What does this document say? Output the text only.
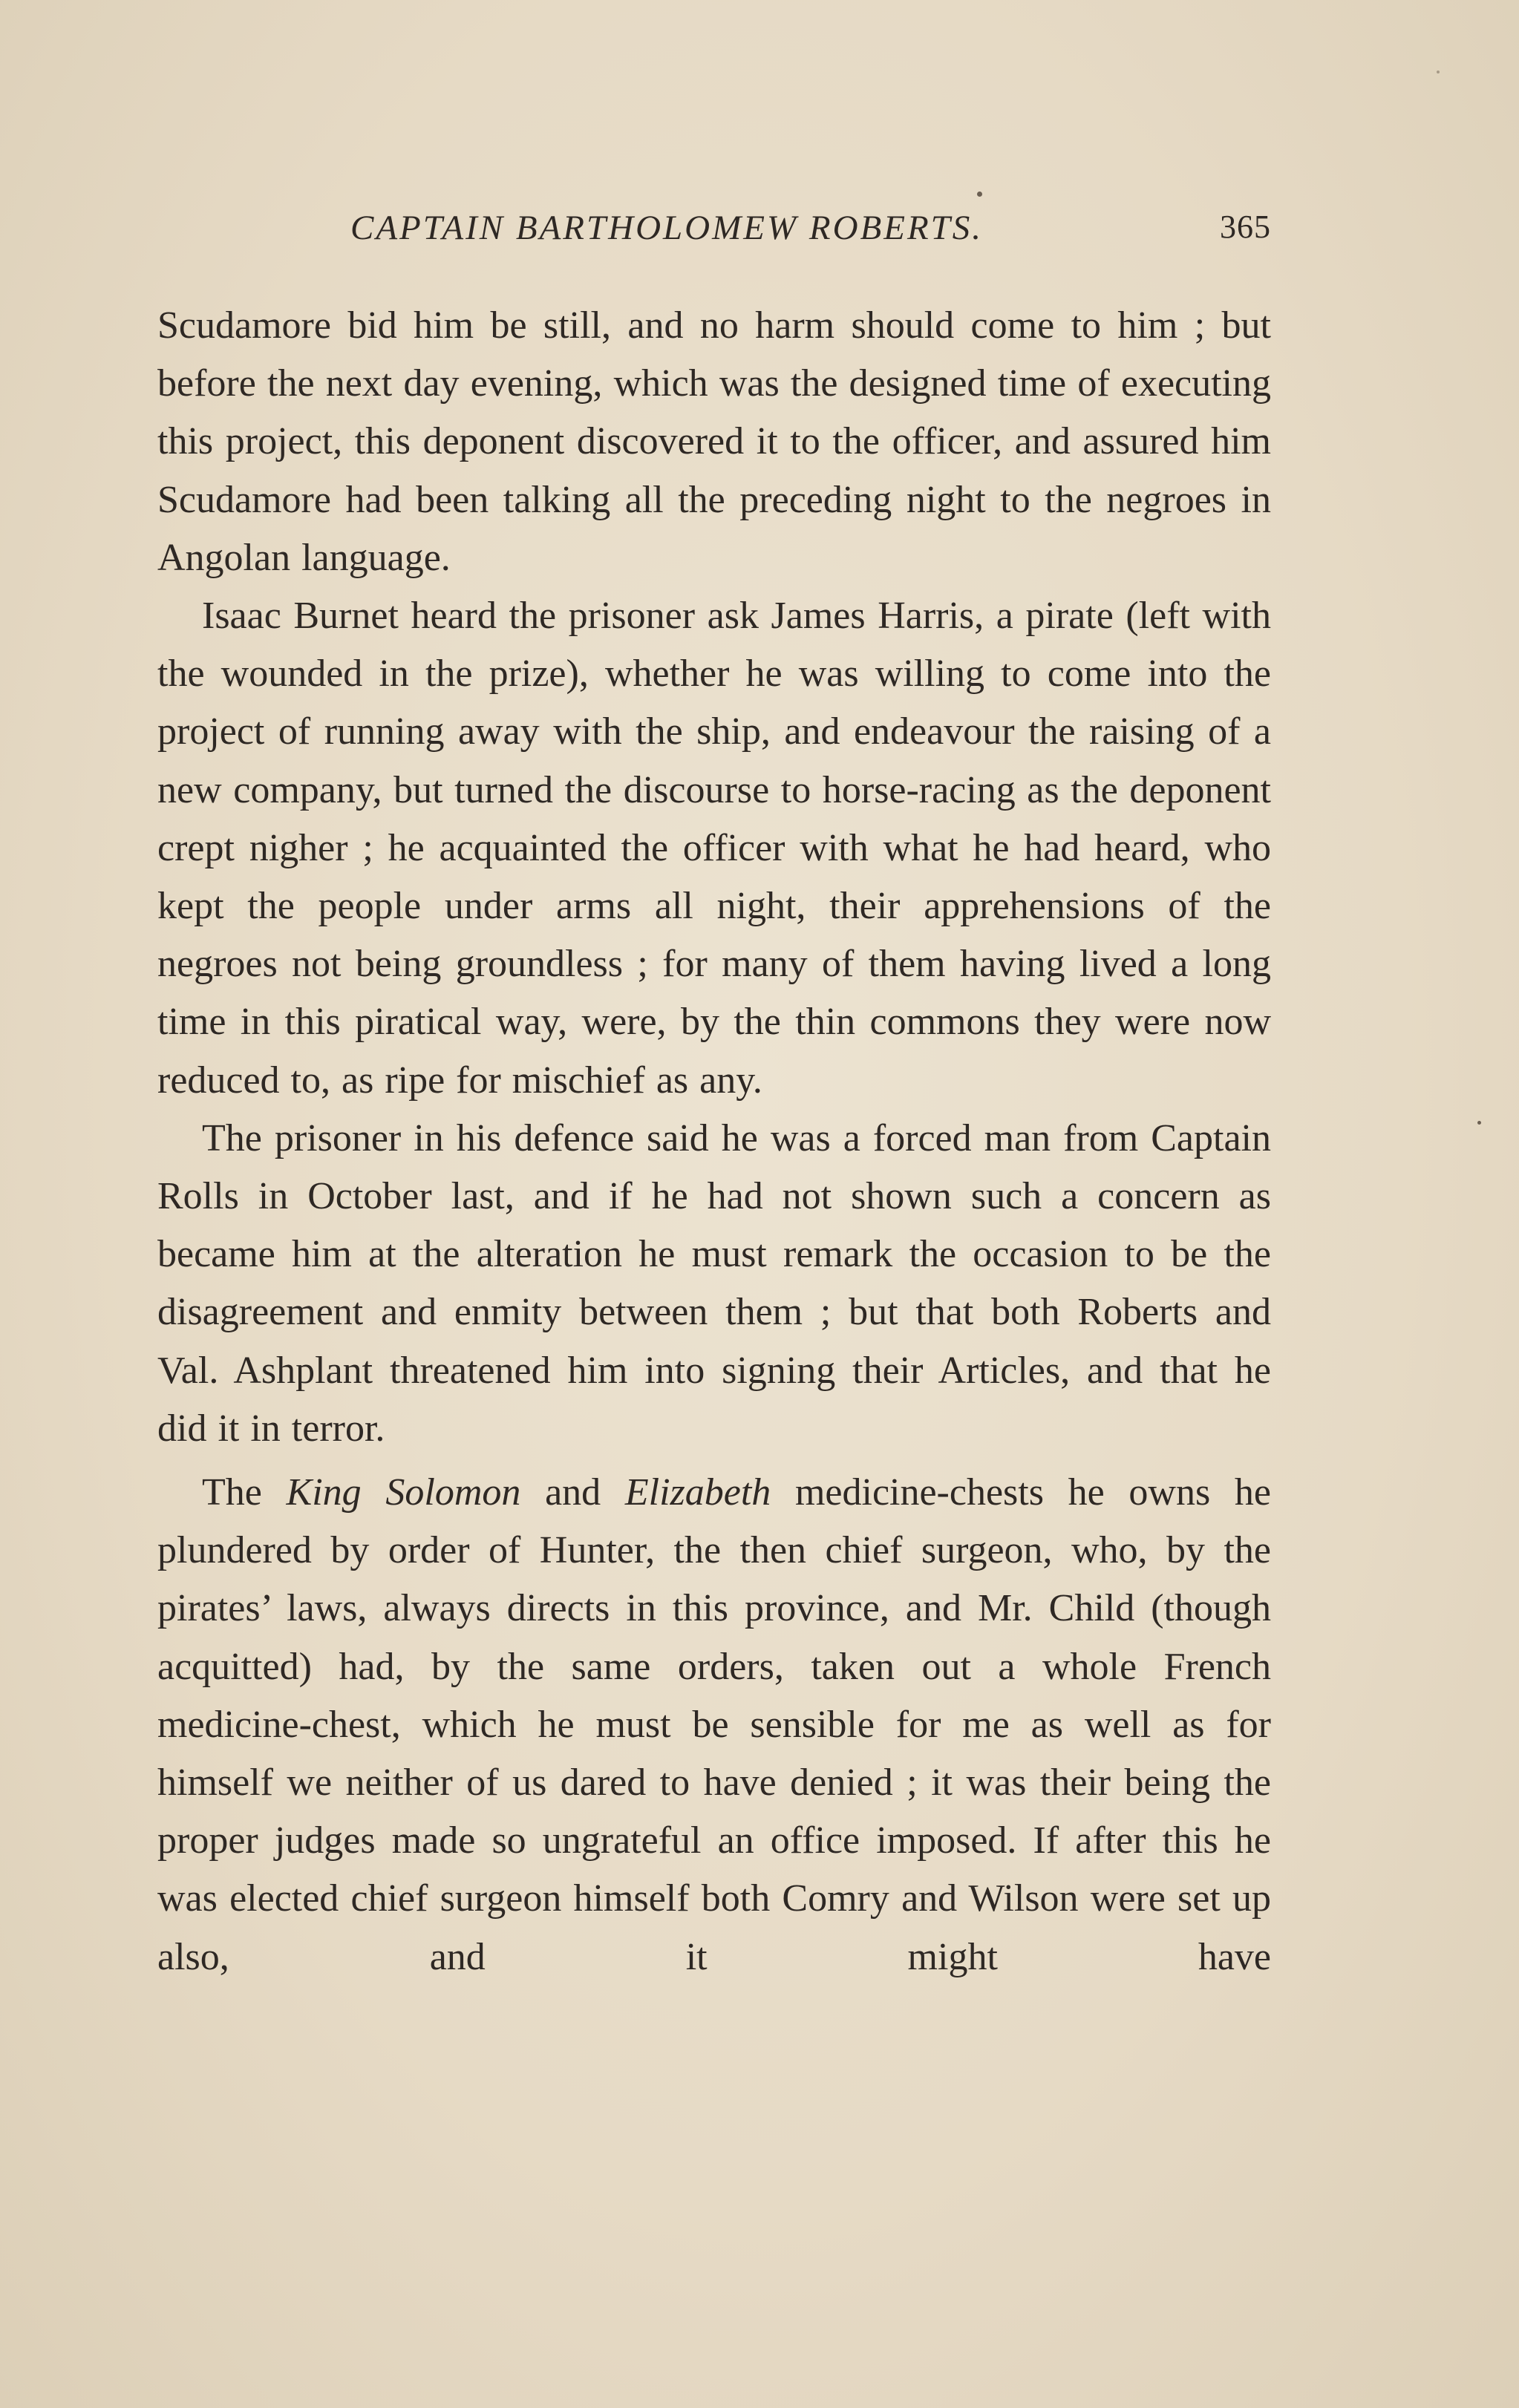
CAPTAIN BARTHOLOMEW ROBERTS.	365

Scudamore bid him be still, and no harm should come to him ; but before the next day evening, which was the designed time of executing this project, this deponent discovered it to the officer, and assured him Scudamore had been talking all the preceding night to the negroes in Angolan language.

Isaac Burnet heard the prisoner ask James Harris, a pirate (left with the wounded in the prize), whether he was willing to come into the project of running away with the ship, and endeavour the raising of a new company, but turned the discourse to horse-racing as the deponent crept nigher ; he acquainted the officer with what he had heard, who kept the people under arms all night, their apprehensions of the negroes not being groundless ; for many of them having lived a long time in this piratical way, were, by the thin commons they were now reduced to, as ripe for mischief as any.

The prisoner in his defence said he was a forced man from Captain Rolls in October last, and if he had not shown such a concern as became him at the alteration he must remark the occasion to be the disagreement and enmity between them ; but that both Roberts and Val. Ashplant threatened him into signing their Articles, and that he did it in terror.

The King Solomon and Elizabeth medicine-chests he owns he plundered by order of Hunter, the then chief surgeon, who, by the pirates’ laws, always directs in this province, and Mr. Child (though acquitted) had, by the same orders, taken out a whole French medicine-chest, which he must be sensible for me as well as for himself we neither of us dared to have denied ; it was their being the proper judges made so ungrateful an office imposed. If after this he was elected chief surgeon himself both Comry and Wilson were set up also, and it might have
